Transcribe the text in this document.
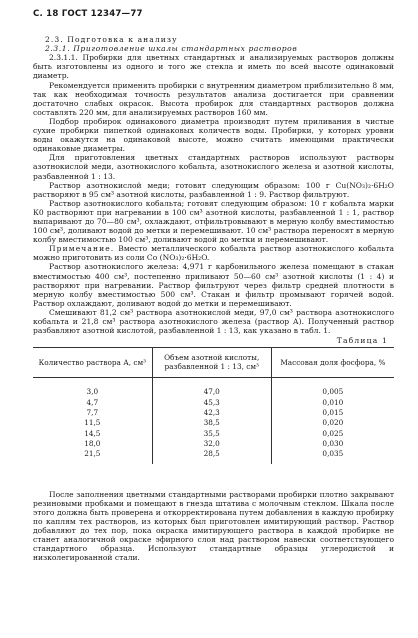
С. 18 ГОСТ 12347—77

2.3. Подготовка к анализу

2.3.1. Приготовление шкалы стандартных растворов

2.3.1.1. Пробирки для цветных стандартных и анализируемых растворов должны быть изготовлены из одного и того же стекла и иметь по всей высоте одинаковый диаметр.

Рекомендуется применять пробирки с внутренним диаметром приблизительно 8 мм, так как необходимая точность результатов анализа достигается при сравнении достаточно слабых окрасок. Высота пробирок для стандартных растворов должна составлять 220 мм, для анализируемых растворов 160 мм.

Подбор пробирок одинакового диаметра производят путем приливания в чистые сухие пробирки пипеткой одинаковых количеств воды. Пробирки, у которых уровни воды окажутся на одинаковой высоте, можно считать имеющими практически одинаковые диаметры.

Для приготовления цветных стандартных растворов используют растворы азотнокислой меди, азотнокислого кобальта, азотнокислого железа и азотной кислоты, разбавленной 1 : 13.

Раствор азотнокислой меди; готовят следующим образом: 100 г Cu(NO₃)₂·6H₂O растворяют в 95 см³ азотной кислоты, разбавленной 1 : 9. Раствор фильтруют.

Раствор азотнокислого кобальта; готовят следующим образом: 10 г кобальта марки К0 растворяют при нагревании в 100 см³ азотной кислоты, разбавленной 1 : 1, раствор выпаривают до 70—80 см³, охлаждают, отфильтровывают в мерную колбу вместимостью 100 см³, доливают водой до метки и перемешивают. 10 см³ раствора переносят в мерную колбу вместимостью 100 см³, доливают водой до метки и перемешивают.

Примечание. Вместо металлического кобальта раствор азотнокислого кобальта можно приготовить из соли Co (NO₃)₂·6H₂O.

Раствор азотнокислого железа: 4,971 г карбонильного железа помещают в стакан вместимостью 400 см³, постепенно приливают 50—60 см³ азотной кислоты (1 : 4) и растворяют при нагревании. Раствор фильтруют через фильтр средней плотности в мерную колбу вместимостью 500 см³. Стакан и фильтр промывают горячей водой. Раствор охлаждают, доливают водой до метки и перемешивают.

Смешивают 81,2 см³ раствора азотнокислой меди, 97,0 см³ раствора азотнокислого кобальта и 21,8 см³ раствора азотнокислого железа (раствор А). Полученный раствор разбавляют азотной кислотой, разбавленной 1 : 13, как указано в табл. 1.

Таблица 1
Количество раствора А, см³	Объем азотной кислоты, разбавленной 1 : 13, см³	Массовая доля фосфора, %
3,0	47,0	0,005
4,7	45,3	0,010
7,7	42,3	0,015
11,5	38,5	0,020
14,5	35,5	0,025
18,0	32,0	0,030
21,5	28,5	0,035

После заполнения цветными стандартными растворами пробирки плотно закрывают резиновыми пробками и помещают в гнезда штатива с молочным стеклом. Шкала после этого должна быть проверена и откорректирована путем добавления в каждую пробирку по каплям тех растворов, из которых был приготовлен имитирующий раствор. Раствор добавляют до тех пор, пока окраска имитирующего раствора в каждой пробирке не станет аналогичной окраске эфирного слоя над раствором навески соответствующего стандартного образца. Используют стандартные образцы углеродистой и низколегированной стали.
